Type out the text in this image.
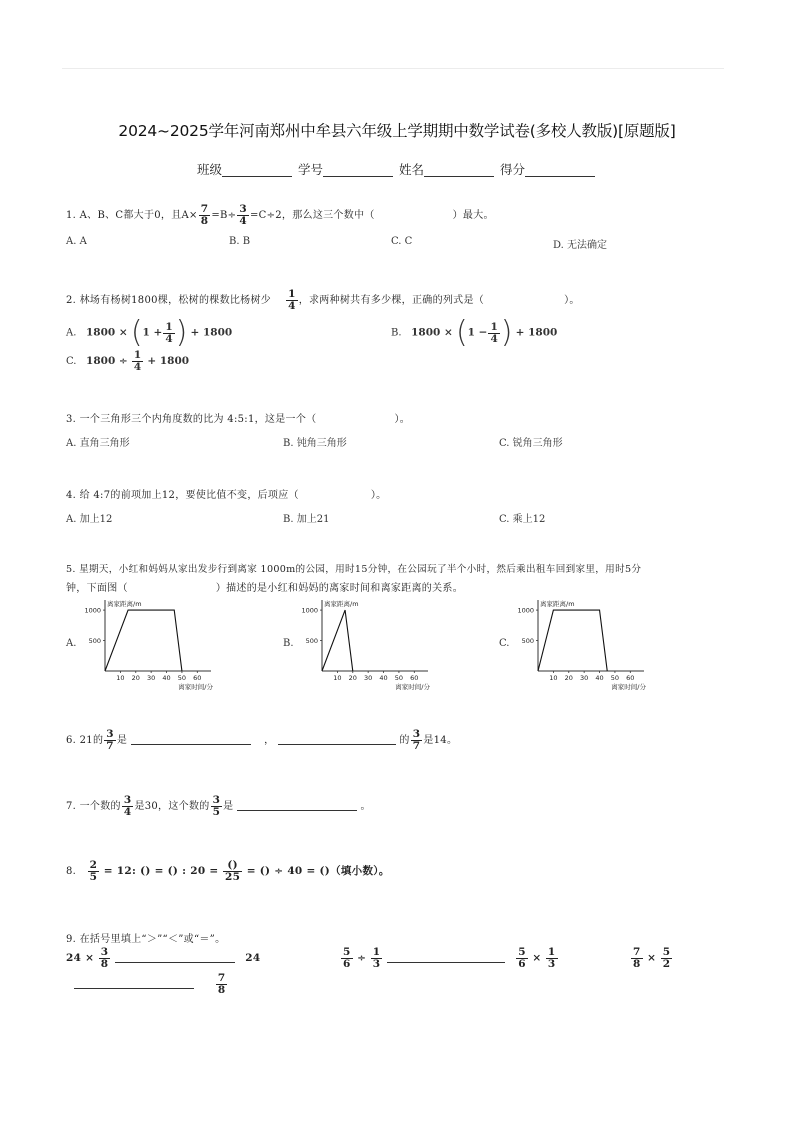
2024~2025学年河南郑州中牟县六年级上学期期中数学试卷(多校人教版)[原题版]
班级	学号	姓名	得分
1. A、B、C都大于0，且$A\times \frac{7}{8} =B\div \frac{3}{4} =C\div 2$，那么这三个数中（	）最大。
A. A	B. B	C. C	D. 无法确定
2. 林场有杨树1800棵，松树的棵数比杨树少 $\frac{1}{4}$ ，求两种树共有多少棵，正确的列式是（	）。
A. $1800 \times (1 + \frac{1}{4}$ ) + 1800	B. $1800 \times (1 - \frac{1}{4}$ ) + 1800
C. $1800 \div \frac{1}{4} + 1800$
3. 一个三角形三个内角度数的比为 4:5:1，这是一个（	）。
A. 直角三角形	B. 钝角三角形	C. 锐角三角形
4. 给 4:7的前项加上12，要使比值不变，后项应（	）。
A. 加上12	B. 加上21	C. 乘上12
5. 星期天，小红和妈妈从家出发步行到离家 1000m的公园，用时15分钟，在公园玩了半个小时，然后乘出租车回到家里，用时5分
钟，下面图（	）描述的是小红和妈妈的离家时间和离家距离的关系。
A.	B.	C.
500
1000
10 20 30 40 50 60
离家距离/m
离家时间/分
500
1000
10 20 30 40 50 60
离家距离/m
离家时间/分
500
1000
10 20 30 40 50 60
离家距离/m
离家时间/分
6. 21的 $\frac{3}{7}$ 是	，	的 $\frac{3}{7}$ 是14。
7. 一个数的 $\frac{3}{4}$ 是30，这个数的 $\frac{3}{5}$ 是	。
8. $\frac{2}{5} = 12$: () = () : $20 = \frac{()}{25}$ = () ÷ 40 = ()（填小数）。
9. 在括号里填上“＞”“＜”或“＝”。
$24 \times \frac{3}{8}$	24	$\frac{5}{6} \div \frac{1}{3}$
	$\frac{5}{6} \times \frac{1}{3}$	$\frac{7}{8} \times \frac{5}{2}$

$\frac{7}{8}$
